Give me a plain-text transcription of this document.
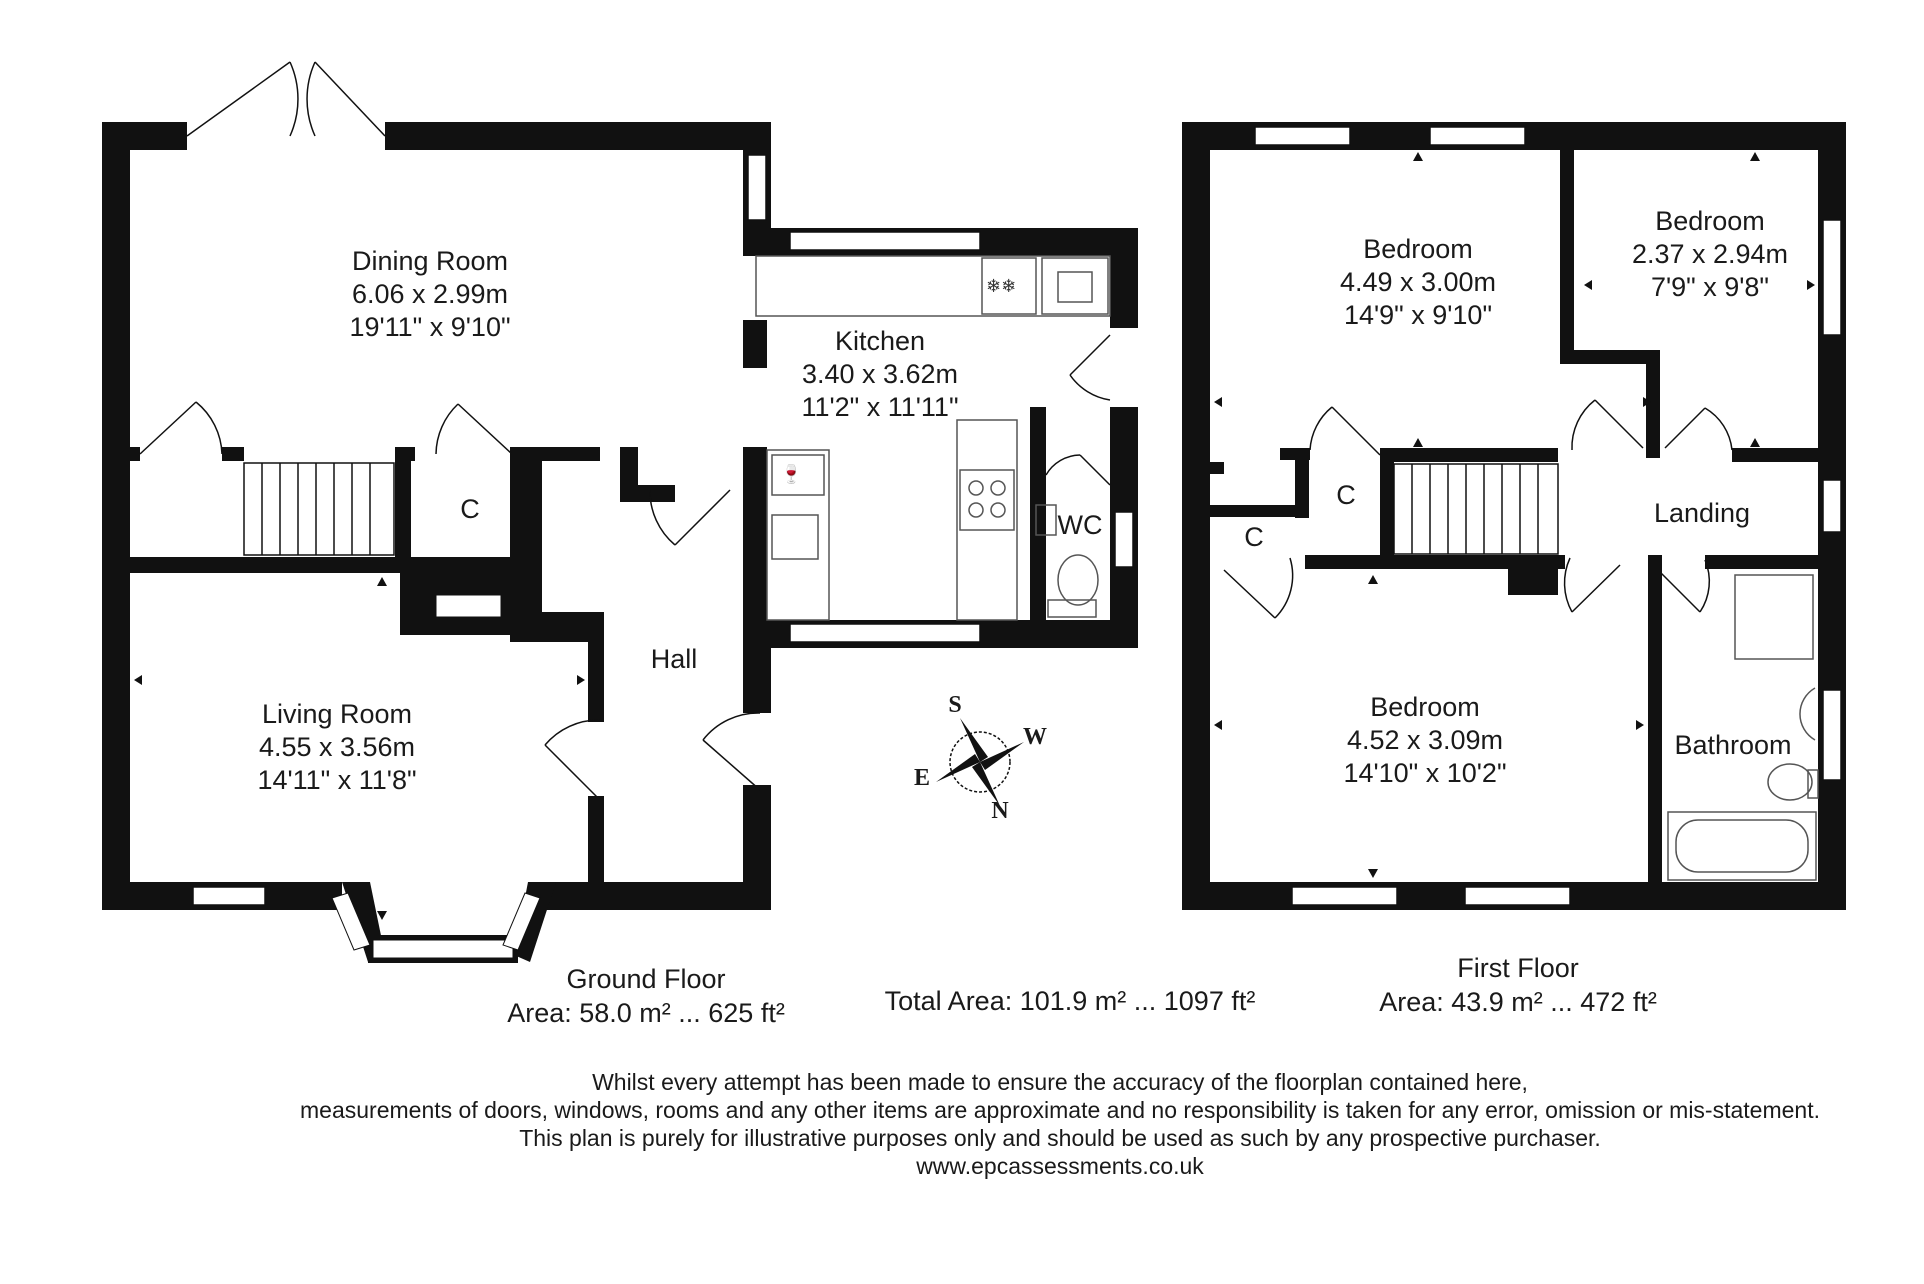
❄❄
🍷
Dining Room
6.06 x 2.99m
19'11" x 9'10"	Kitchen
3.40 x 3.62m
11'2" x 11'11"
Living Room
4.55 x 3.56m
14'11" x 11'8"
Hall
C
WC
Bedroom
4.49 x 3.00m
14'9" x 9'10"
Bedroom
2.37 x 2.94m
7'9" x 9'8"
Bedroom
4.52 x 3.09m
14'10" x 10'2"
Landing
Bathroom
C
C
S
W
E
N
Ground Floor
Area: 58.0 m² ... 625 ft²	Total Area: 101.9 m² ... 1097 ft²
First Floor
Area: 43.9 m² ... 472 ft²
Whilst every attempt has been made to ensure the accuracy of the floorplan contained here,
measurements of doors, windows, rooms and any other items are approximate and no responsibility is taken for any error, omission or mis-statement.
This plan is purely for illustrative purposes only and should be used as such by any prospective purchaser.
www.epcassessments.co.uk
